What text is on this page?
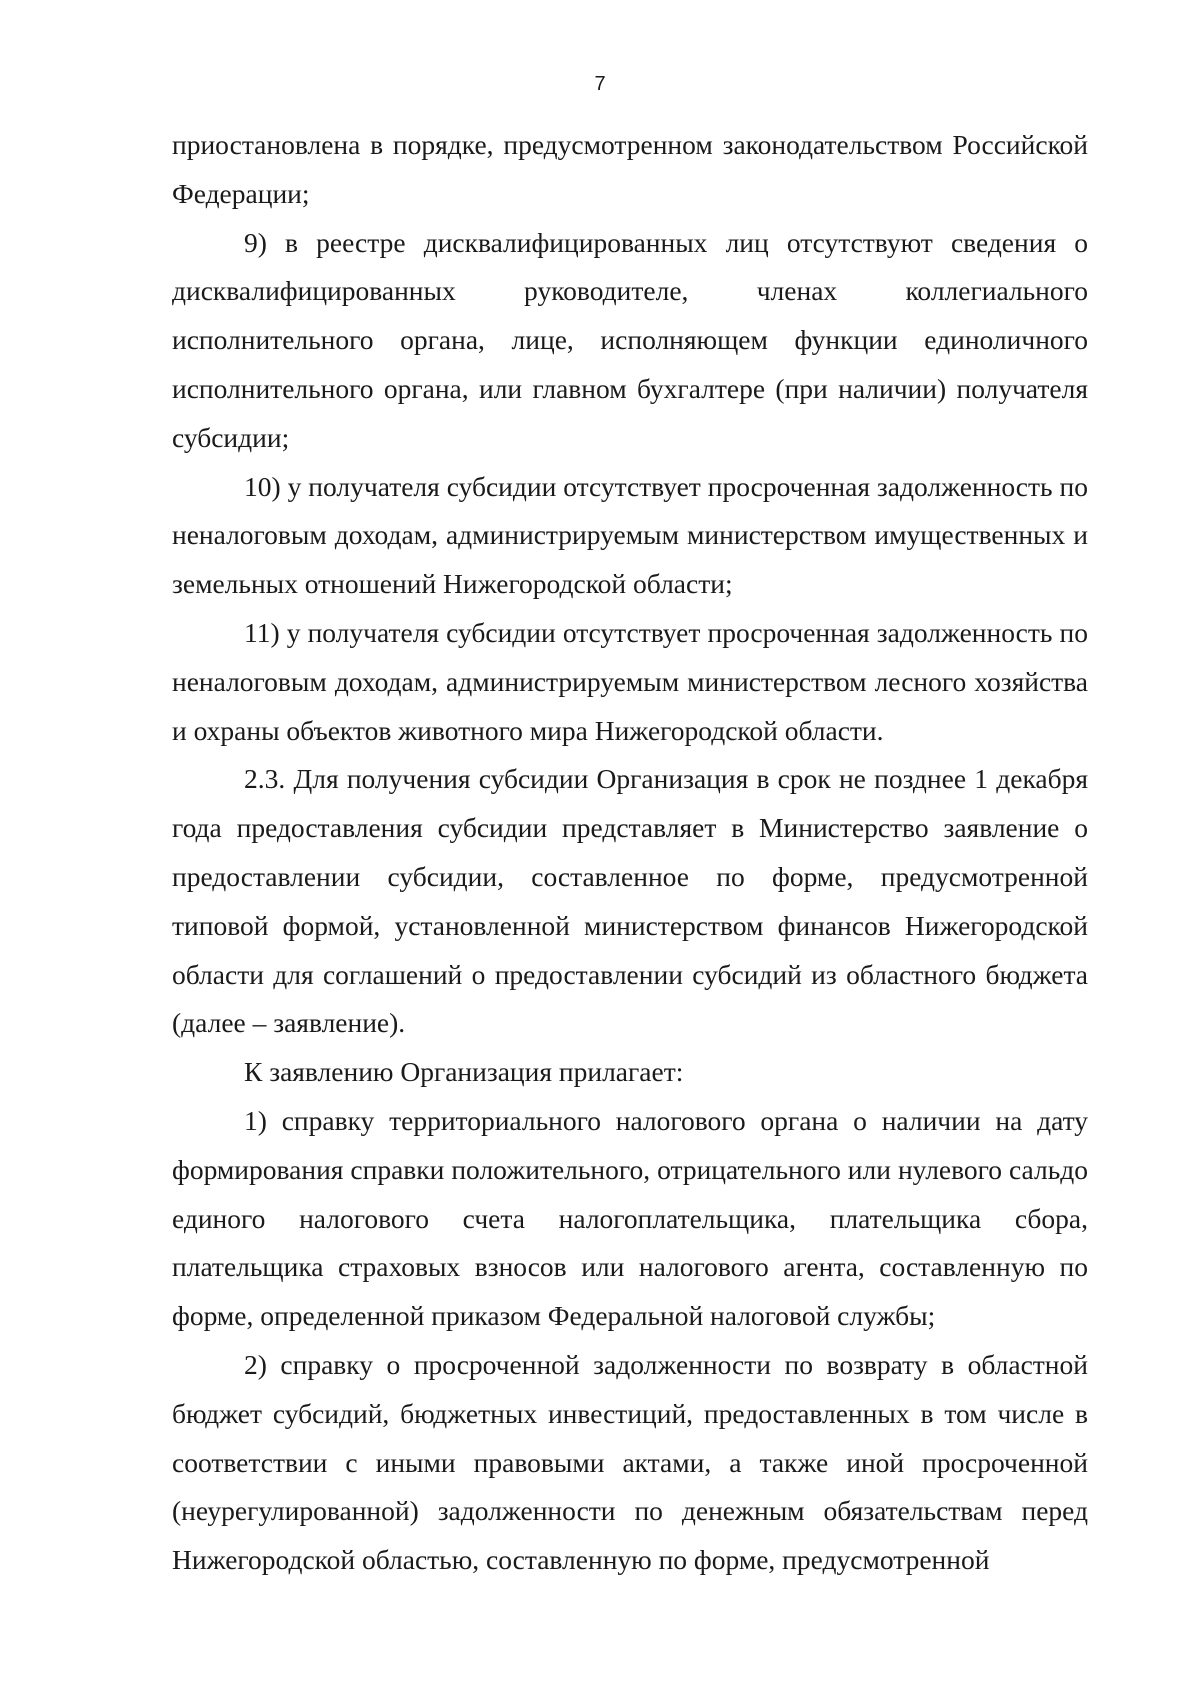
7

приостановлена в порядке, предусмотренном законодательством Российской Федерации;

9) в реестре дисквалифицированных лиц отсутствуют сведения о дисквалифицированных руководителе, членах коллегиального исполнительного органа, лице, исполняющем функции единоличного исполнительного органа, или главном бухгалтере (при наличии) получателя субсидии;

10) у получателя субсидии отсутствует просроченная задолженность по неналоговым доходам, администрируемым министерством имущественных и земельных отношений Нижегородской области;

11) у получателя субсидии отсутствует просроченная задолженность по неналоговым доходам, администрируемым министерством лесного хозяйства и охраны объектов животного мира Нижегородской области.

2.3. Для получения субсидии Организация в срок не позднее 1 декабря года предоставления субсидии представляет в Министерство заявление о предоставлении субсидии, составленное по форме, предусмотренной типовой формой, установленной министерством финансов Нижегородской области для соглашений о предоставлении субсидий из областного бюджета (далее – заявление).

К заявлению Организация прилагает:

1) справку территориального налогового органа о наличии на дату формирования справки положительного, отрицательного или нулевого сальдо единого налогового счета налогоплательщика, плательщика сбора, плательщика страховых взносов или налогового агента, составленную по форме, определенной приказом Федеральной налоговой службы;

2) справку о просроченной задолженности по возврату в областной бюджет субсидий, бюджетных инвестиций, предоставленных в том числе в соответствии с иными правовыми актами, а также иной просроченной (неурегулированной) задолженности по денежным обязательствам перед Нижегородской областью, составленную по форме, предусмотренной
